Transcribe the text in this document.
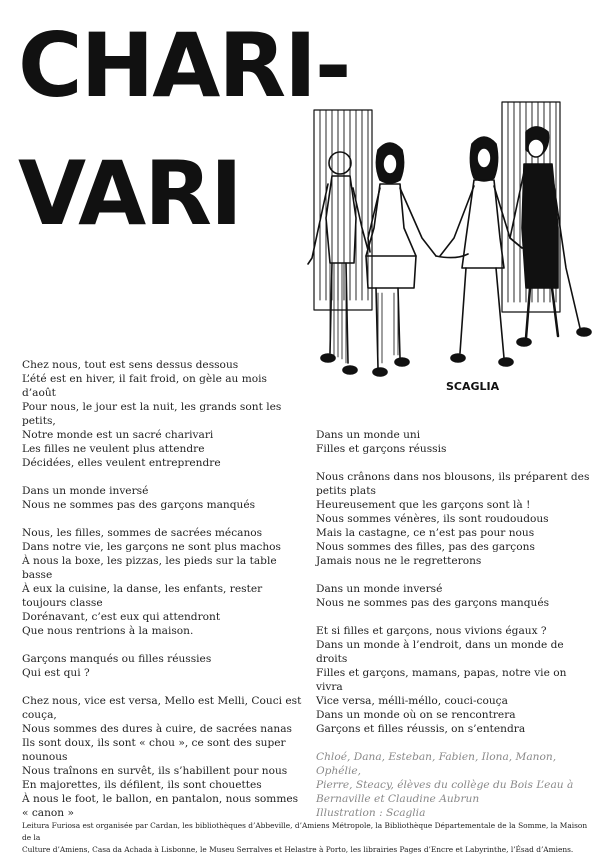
CHARI-
VARI
SCAGLIA

Chez nous, tout est sens dessus dessous
L’été est en hiver, il fait froid, on gèle au mois d’août
Pour nous, le jour est la nuit, les grands sont les petits,
Notre monde est un sacré charivari
Les filles ne veulent plus attendre
Décidées, elles veulent entreprendre

Dans un monde inversé
Nous ne sommes pas des garçons manqués

Nous, les filles, sommes de sacrées mécanos
Dans notre vie, les garçons ne sont plus machos
À nous la boxe, les pizzas, les pieds sur la table basse
À eux la cuisine, la danse, les enfants, rester toujours classe
Dorénavant, c’est eux qui attendront
Que nous rentrions à la maison.

Garçons manqués ou filles réussies
Qui est qui ?

Chez nous, vice est versa, Mello est Melli, Couci est couça,
Nous sommes des dures à cuire, de sacrées nanas
Ils sont doux, ils sont « chou », ce sont des super nounous
Nous traînons en survêt, ils s’habillent pour nous
En majorettes, ils défilent, ils sont chouettes
À nous le foot, le ballon, en pantalon, nous sommes « canon »

Dans un monde uni
Filles et garçons réussis

Nous crânons dans nos blousons, ils préparent des petits plats
Heureusement que les garçons sont là !
Nous sommes vénères, ils sont roudoudous
Mais la castagne, ce n’est pas pour nous
Nous sommes des filles, pas des garçons
Jamais nous ne le regretterons

Dans un monde inversé
Nous ne sommes pas des garçons manqués

Et si filles et garçons, nous vivions égaux ?
Dans un monde à l’endroit, dans un monde de droits
Filles et garçons, mamans, papas, notre vie on vivra
Vice versa, mélli-méllo, couci-couça
Dans un monde où on se rencontrera
Garçons et filles réussis, on s’entendra

Chloé, Dana, Esteban, Fabien, Ilona, Manon, Ophélie,
Pierre, Steacy, élèves du collège du Bois L’eau à
Bernaville et Claudine Aubrun
Illustration : Scaglia

Leitura Furiosa est organisée par Cardan, les bibliothèques d’Abbeville, d’Amiens Métropole, la Bibliothèque Départementale de la Somme, la Maison de la
Culture d’Amiens, Casa da Achada à Lisbonne, le Museu Serralves et Helastre à Porto, les librairies Pages d’Encre et Labyrinthe, l’Ésad d’Amiens.
